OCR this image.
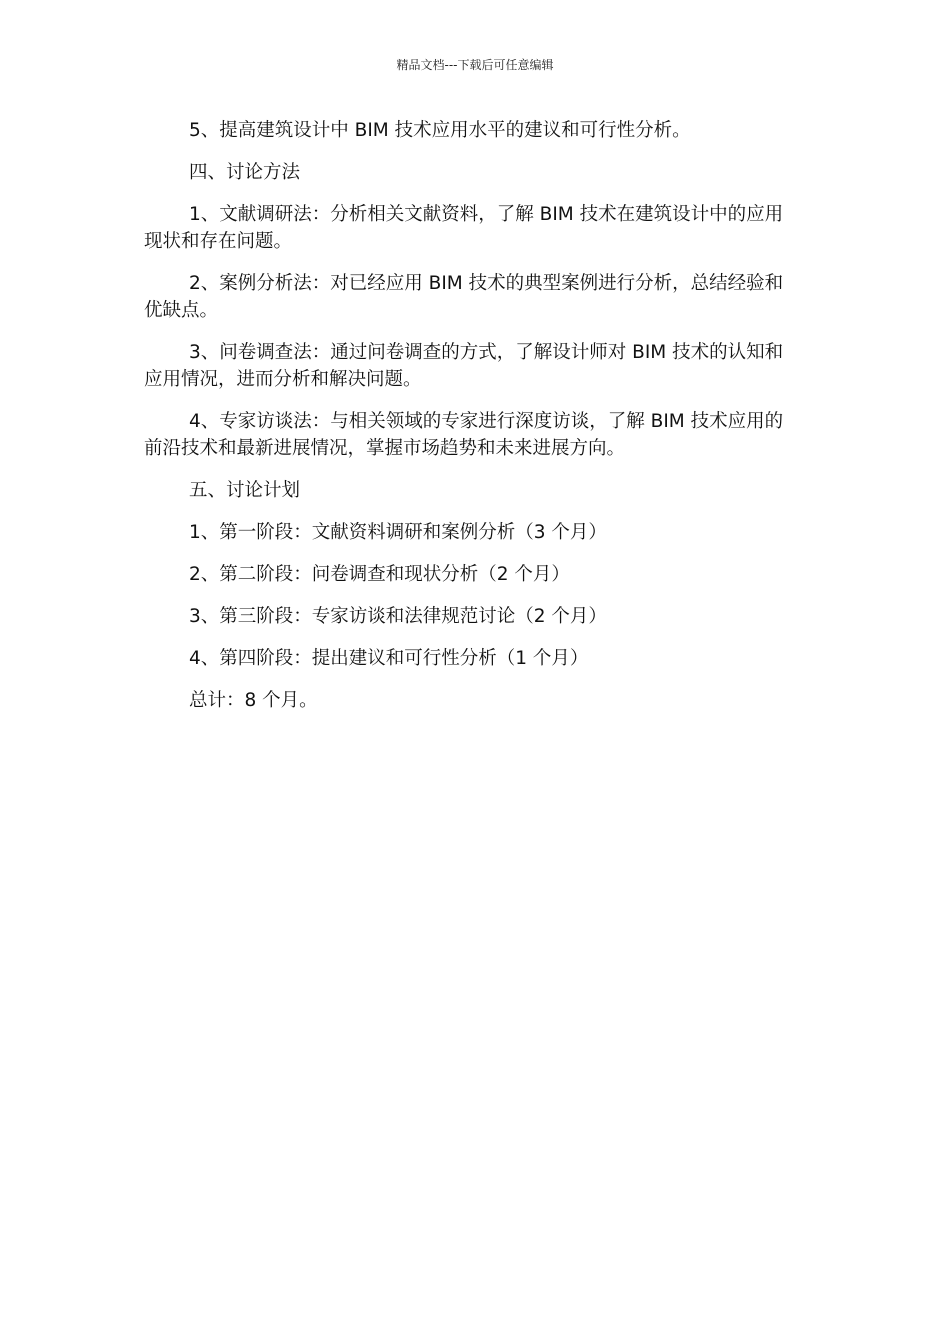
精品文档---下载后可任意编辑

5、提高建筑设计中 BIM 技术应用水平的建议和可行性分析。

四、讨论方法

1、文献调研法：分析相关文献资料，了解 BIM 技术在建筑设计中的应用现状和存在问题。

2、案例分析法：对已经应用 BIM 技术的典型案例进行分析，总结经验和优缺点。

3、问卷调查法：通过问卷调查的方式，了解设计师对 BIM 技术的认知和应用情况，进而分析和解决问题。

4、专家访谈法：与相关领域的专家进行深度访谈，了解 BIM 技术应用的前沿技术和最新进展情况，掌握市场趋势和未来进展方向。

五、讨论计划

1、第一阶段：文献资料调研和案例分析（3 个月）

2、第二阶段：问卷调查和现状分析（2 个月）

3、第三阶段：专家访谈和法律规范讨论（2 个月）

4、第四阶段：提出建议和可行性分析（1 个月）

总计：8 个月。
